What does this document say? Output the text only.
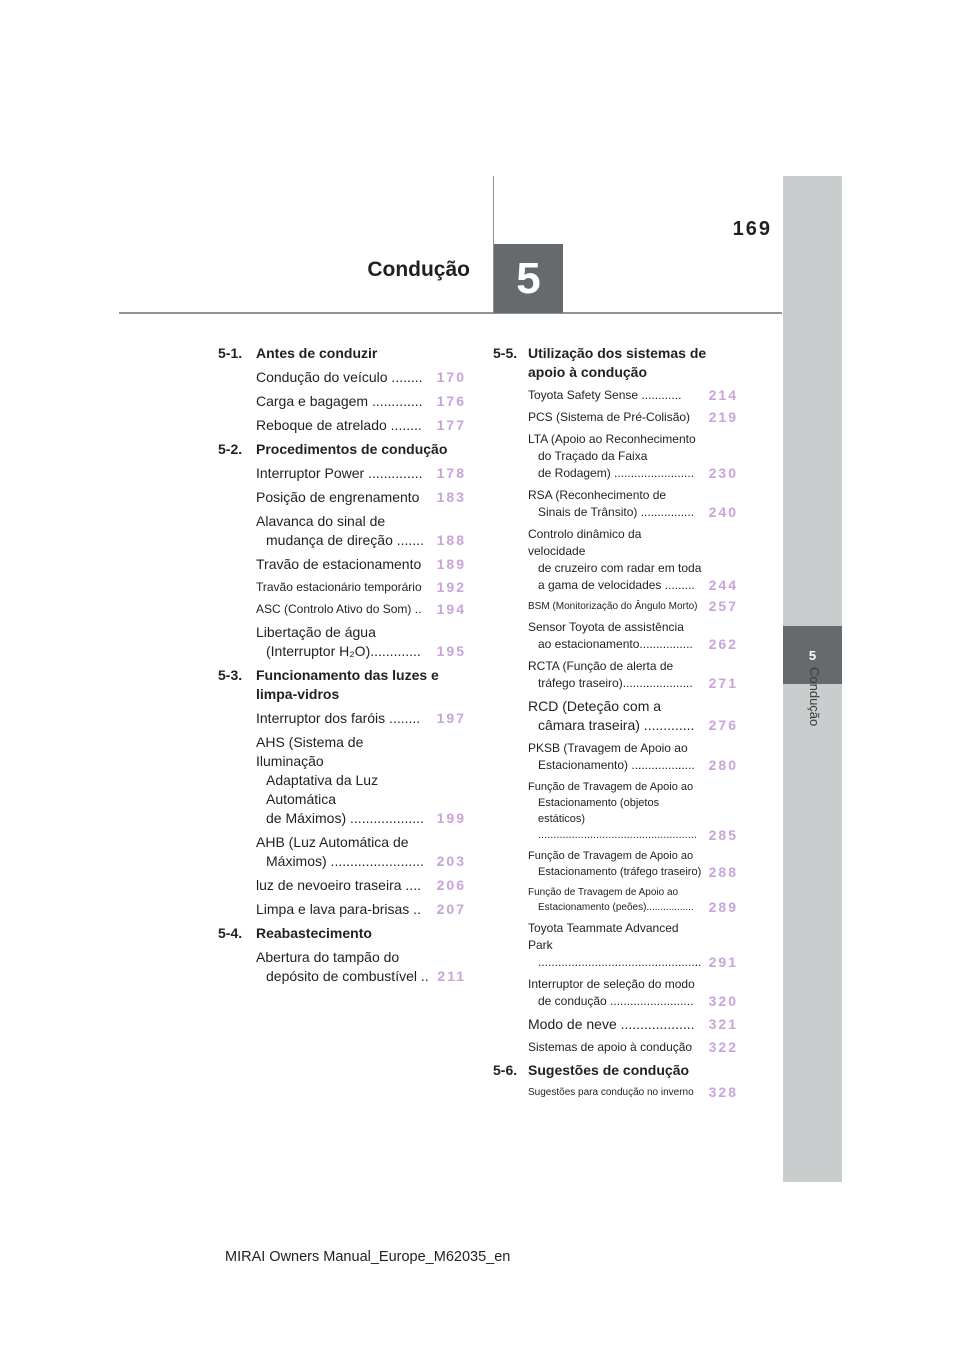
5
Condução
169
Condução	5
5-1. Antes de conduzir
Condução do veículo ........	170
Carga e bagagem .............	176
Reboque de atrelado ........	177
5-2. Procedimentos de condução
Interruptor Power ..............	178
Posição de engrenamento	183
Alavanca do sinal de
mudança de direção ....... 188
Travão de estacionamento	189
Travão estacionário temporário	192
ASC (Controlo Ativo do Som) ..	194
Libertação de água
(Interruptor H₂O).............	195
5-3. Funcionamento das luzes e limpa-vidros
Interruptor dos faróis ........	197
AHS (Sistema de Iluminação
Adaptativa da Luz Automática
de Máximos) ................... 199
AHB (Luz Automática de
Máximos) ........................ 203
luz de nevoeiro traseira ....	206
Limpa e lava para-brisas ..	207
5-4. Reabastecimento
Abertura do tampão do
depósito de combustível .. 211
5-5. Utilização dos sistemas de apoio à condução
Toyota Safety Sense ............	214
PCS (Sistema de Pré-Colisão)	219
LTA (Apoio ao Reconhecimento
do Traçado da Faixa
de Rodagem) ........................	230
RSA (Reconhecimento de
Sinais de Trânsito) ................	240
Controlo dinâmico da velocidade
de cruzeiro com radar em toda
a gama de velocidades ......... 244
BSM (Monitorização do Ângulo Morto) 257
Sensor Toyota de assistência
ao estacionamento................	262
RCTA (Função de alerta de
tráfego traseiro).....................	271
RCD (Deteção com a
câmara traseira) .............	276
PKSB (Travagem de Apoio ao
Estacionamento) ................... 280
Função de Travagem de Apoio ao
Estacionamento (objetos estáticos)
.................................................... 285
Função de Travagem de Apoio ao
Estacionamento (tráfego traseiro) 288
Função de Travagem de Apoio ao
Estacionamento (peões).................	289
Toyota Teammate Advanced Park
................................................. 291
Interruptor de seleção do modo
de condução .........................	320
Modo de neve ...................	321
Sistemas de apoio à condução	322
5-6. Sugestões de condução
Sugestões para condução no inverno	328
MIRAI Owners Manual_Europe_M62035_en
